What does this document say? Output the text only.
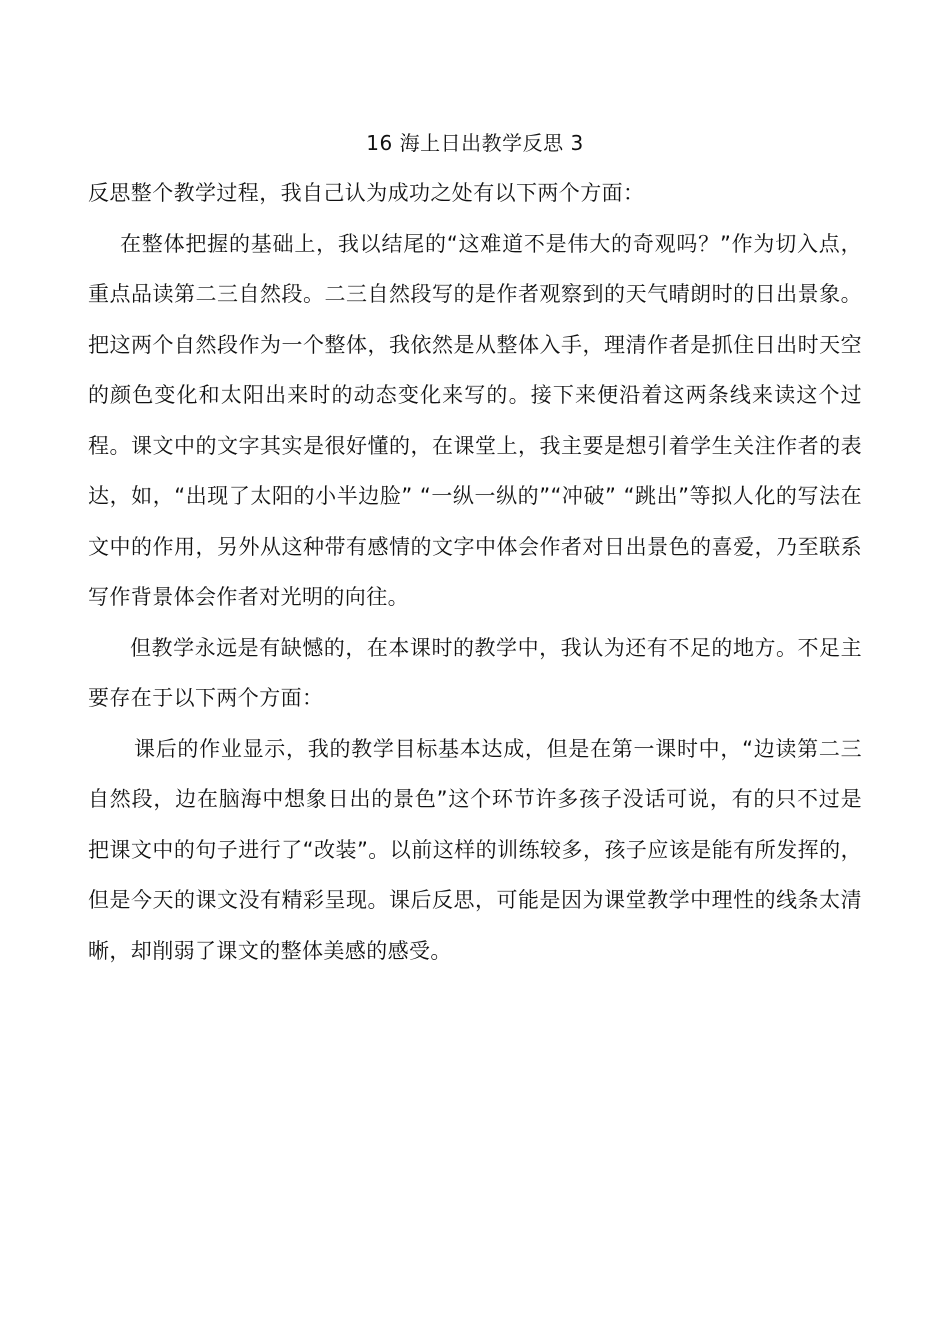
16 海上日出教学反思 3

反思整个教学过程，我自己认为成功之处有以下两个方面：

在整体把握的基础上，我以结尾的“这难道不是伟大的奇观吗？”作为切入点，重点品读第二三自然段。二三自然段写的是作者观察到的天气晴朗时的日出景象。把这两个自然段作为一个整体，我依然是从整体入手，理清作者是抓住日出时天空的颜色变化和太阳出来时的动态变化来写的。接下来便沿着这两条线来读这个过程。课文中的文字其实是很好懂的，在课堂上，我主要是想引着学生关注作者的表达，如，“出现了太阳的小半边脸” “一纵一纵的”“冲破” “跳出”等拟人化的写法在文中的作用，另外从这种带有感情的文字中体会作者对日出景色的喜爱，乃至联系写作背景体会作者对光明的向往。

但教学永远是有缺憾的，在本课时的教学中，我认为还有不足的地方。不足主要存在于以下两个方面：

课后的作业显示，我的教学目标基本达成，但是在第一课时中，“边读第二三自然段，边在脑海中想象日出的景色”这个环节许多孩子没话可说，有的只不过是把课文中的句子进行了“改装”。以前这样的训练较多，孩子应该是能有所发挥的，但是今天的课文没有精彩呈现。课后反思，可能是因为课堂教学中理性的线条太清晰，却削弱了课文的整体美感的感受。
